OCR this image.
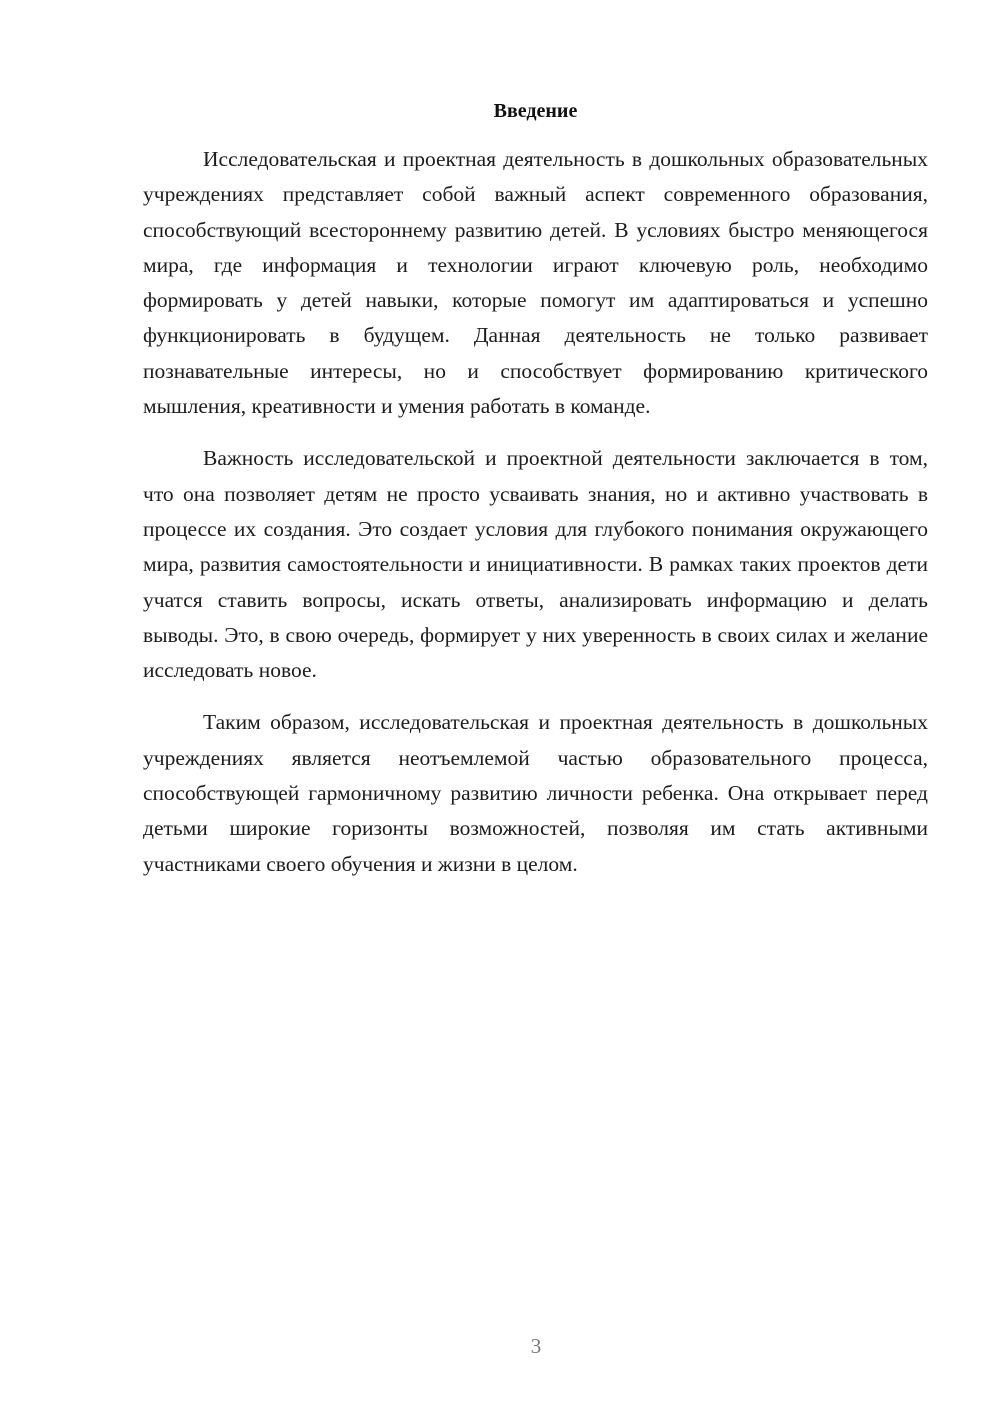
Введение

Исследовательская и проектная деятельность в дошкольных образовательных учреждениях представляет собой важный аспект современного образования, способствующий всестороннему развитию детей. В условиях быстро меняющегося мира, где информация и технологии играют ключевую роль, необходимо формировать у детей навыки, которые помогут им адаптироваться и успешно функционировать в будущем. Данная деятельность не только развивает познавательные интересы, но и способствует формированию критического мышления, креативности и умения работать в команде.

Важность исследовательской и проектной деятельности заключается в том, что она позволяет детям не просто усваивать знания, но и активно участвовать в процессе их создания. Это создает условия для глубокого понимания окружающего мира, развития самостоятельности и инициативности. В рамках таких проектов дети учатся ставить вопросы, искать ответы, анализировать информацию и делать выводы. Это, в свою очередь, формирует у них уверенность в своих силах и желание исследовать новое.

Таким образом, исследовательская и проектная деятельность в дошкольных учреждениях является неотъемлемой частью образовательного процесса, способствующей гармоничному развитию личности ребенка. Она открывает перед детьми широкие горизонты возможностей, позволяя им стать активными участниками своего обучения и жизни в целом.

3
